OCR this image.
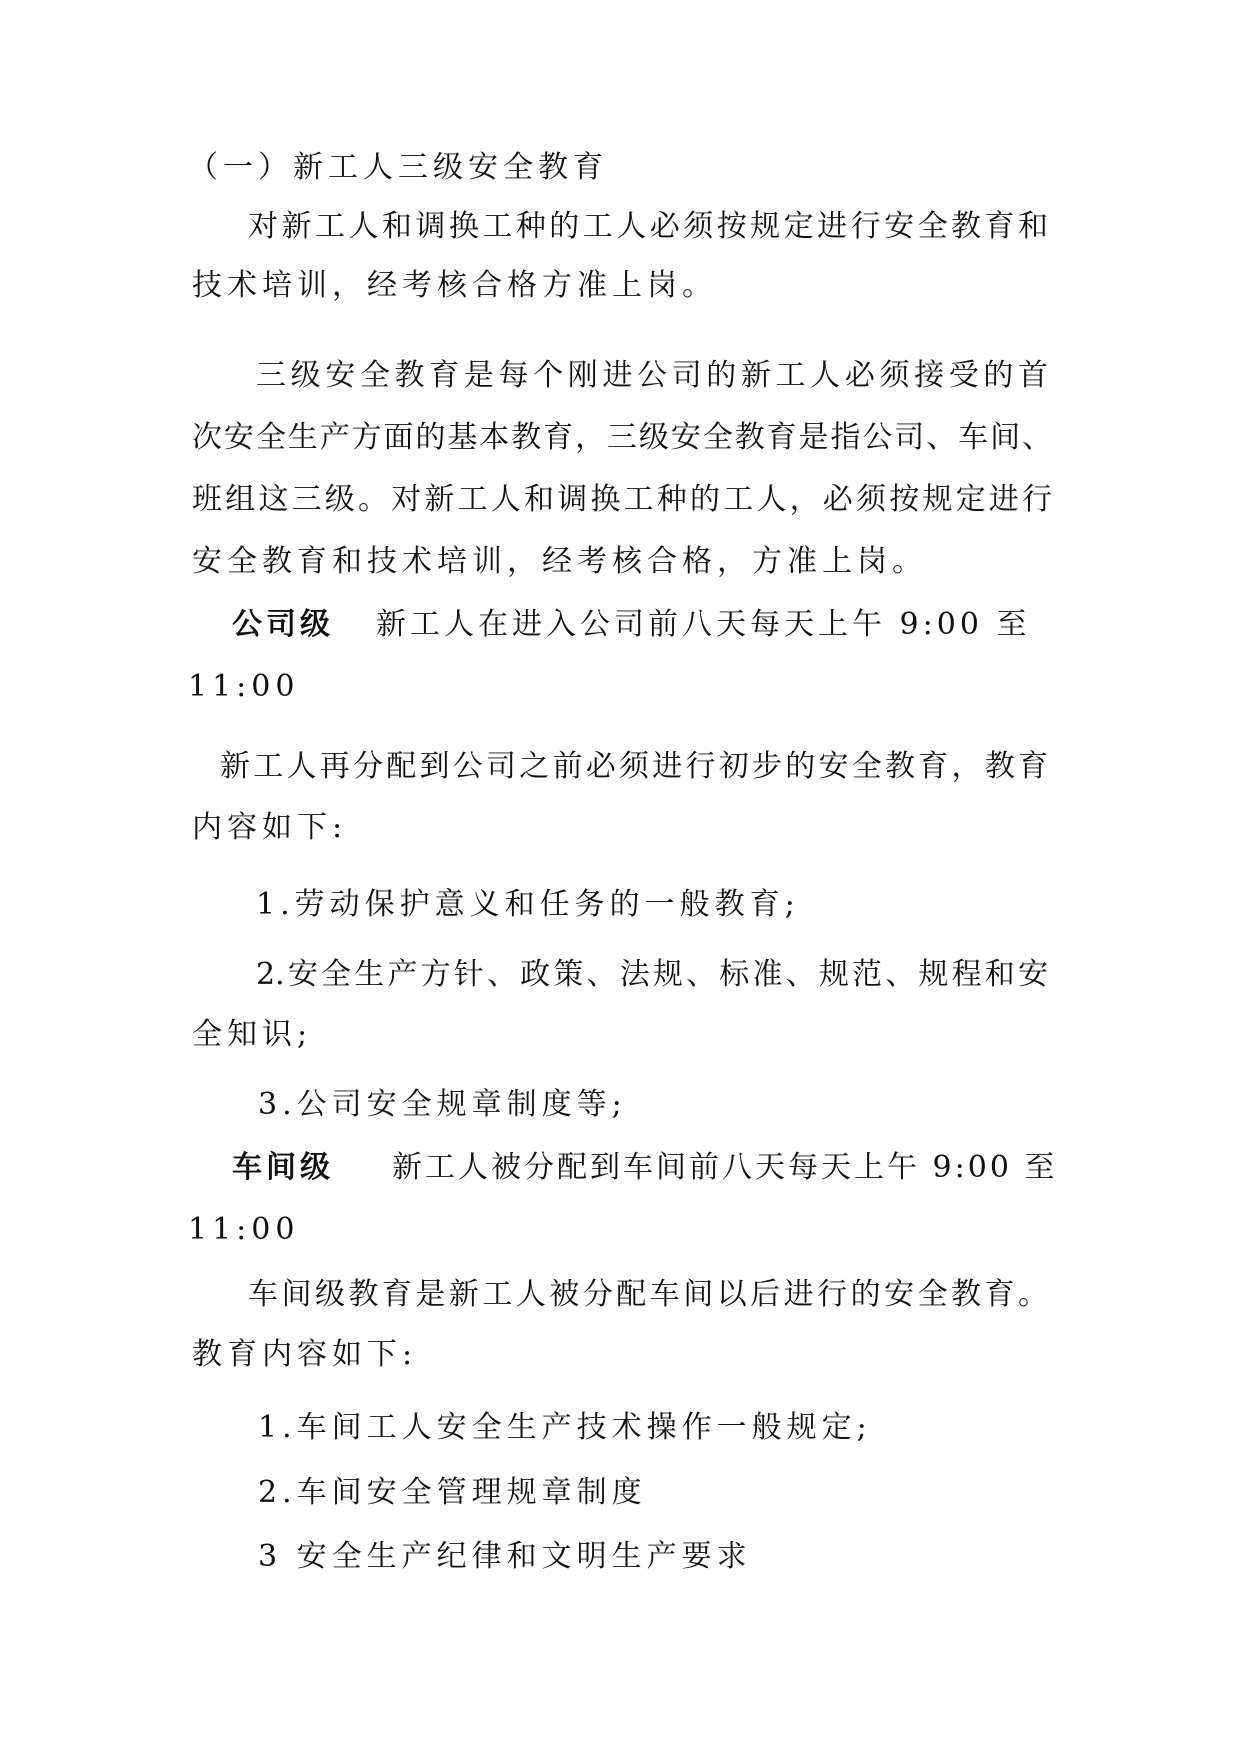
（一）新工人三级安全教育
对新工人和调换工种的工人必须按规定进行安全教育和
技术培训，经考核合格方准上岗。
三级安全教育是每个刚进公司的新工人必须接受的首
次安全生产方面的基本教育，三级安全教育是指公司、车间、
班组这三级。对新工人和调换工种的工人，必须按规定进行
安全教育和技术培训，经考核合格，方准上岗。
公司级 新工人在进入公司前八天每天上午 9:00 至
11:00
新工人再分配到公司之前必须进行初步的安全教育，教育
内容如下:
1.劳动保护意义和任务的一般教育;
2.安全生产方针、政策、法规、标准、规范、规程和安
全知识;
3.公司安全规章制度等;
车间级 新工人被分配到车间前八天每天上午 9:00 至
11:00
车间级教育是新工人被分配车间以后进行的安全教育。
教育内容如下:
1.车间工人安全生产技术操作一般规定;
2.车间安全管理规章制度
3 安全生产纪律和文明生产要求
